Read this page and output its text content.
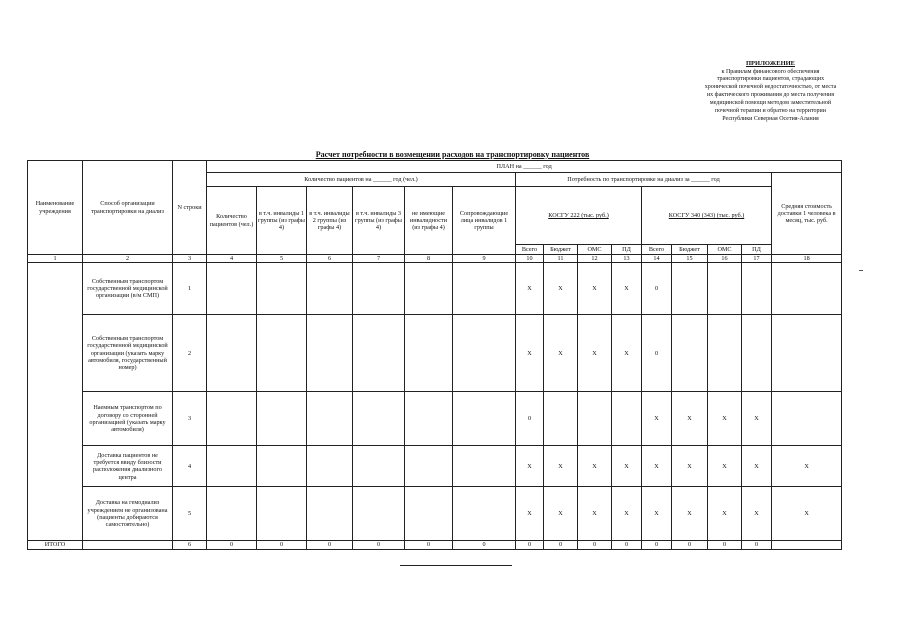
ПРИЛОЖЕНИЕ
к Правилам финансового обеспечения
транспортировки пациентов, страдающих
хронической почечной недостаточностью, от места
их фактического проживания до места получения
медицинской помощи методом заместительной
почечной терапии и обратно на территории
Республики Северная Осетия-Алания
Расчет потребности в возмещении расходов на транспортировку пациентов
Наименование учреждения	Способ организации транспортировки на диализ	N строки	ПЛАН на ______ год														
			Количество пациентов на ______ год (чел.)						Потребность по транспортировке на диализ за ______ год								Средняя стоимость доставки 1 человека в месяц, тыс. руб.
			Количество пациентов (чел.)	в т.ч. инвалиды 1 группы (из графы 4)	в т.ч. инвалиды 2 группы (из графы 4)	в т.ч. инвалиды 3 группы (из графы 4)	не имеющие инвалидности (из графы 4)	Сопровождающие лица инвалидов 1 группы	КОСГУ 222 (тыс. руб.)				КОСГУ 340 (343) (тыс. руб.)				
									Всего	Бюджет	ОМС	ПД	Всего	Бюджет	ОМС	ПД	
1	2	3	4	5	6	7	8	9	10	11	12	13	14	15	16	17	18
	Собственным транспортом государственной медицинской организации (в/м СМП)	1							X	X	X	X	0				
	Собственным транспортом государственной медицинской организации (указать марку автомобиля, государственный номер)	2							X	X	X	X	0				
	Наемным транспортом по договору со сторонней организацией (указать марку автомобиля)	3							0				X	X	X	X	
	Доставка пациентов не требуется ввиду близости расположения диализного центра	4							X	X	X	X	X	X	X	X	X
	Доставка на гемодиализ учреждением не организована (пациенты добираются самостоятельно)	5							X	X	X	X	X	X	X	X	X
ИТОГО		6	0	0	0	0	0	0	0	0	0	0	0	0	0	0	
